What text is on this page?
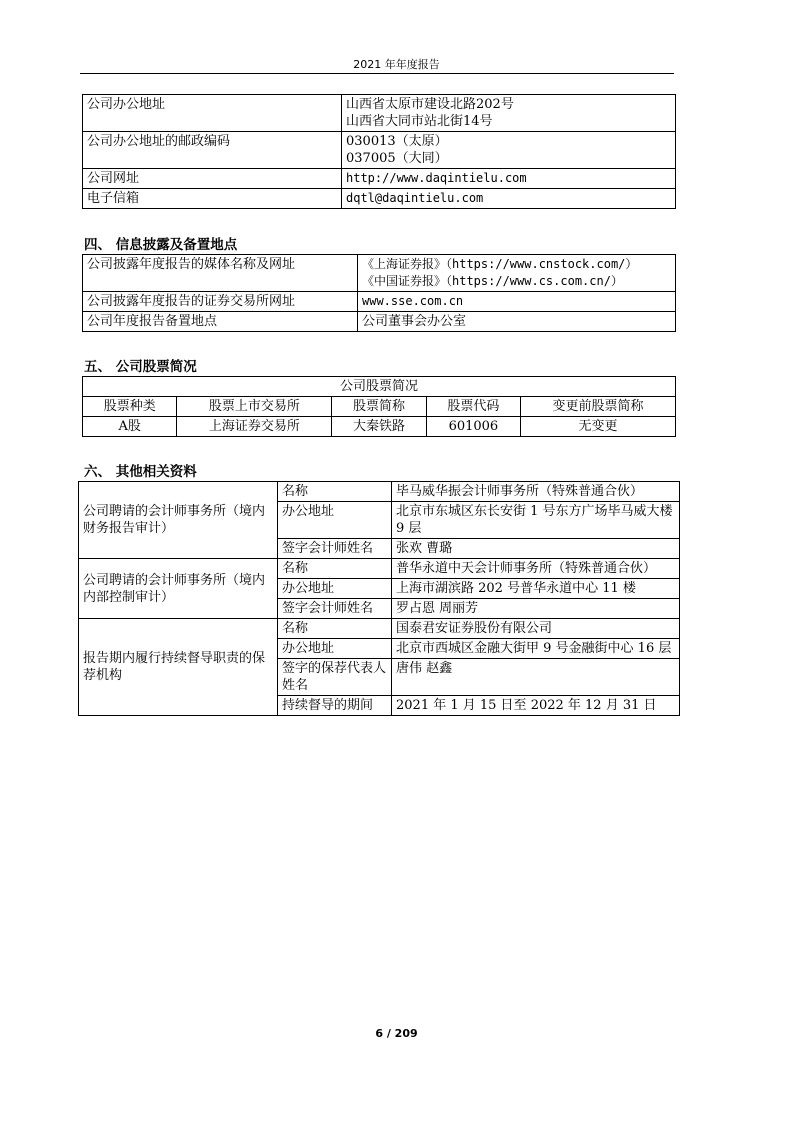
2021 年年度报告
公司办公地址	山西省太原市建设北路202号
山西省大同市站北街14号

公司办公地址的邮政编码	030013（太原）
037005（大同）

公司网址	http://www.daqintielu.com
电子信箱	dqtl@daqintielu.com
四、 信息披露及备置地点
公司披露年度报告的媒体名称及网址	《上海证券报》（https://www.cnstock.com/）
《中国证券报》（https://www.cs.com.cn/）

公司披露年度报告的证券交易所网址	www.sse.com.cn
公司年度报告备置地点	公司董事会办公室
五、 公司股票简况
公司股票简况				
股票种类	股票上市交易所	股票简称	股票代码	变更前股票简称
A股	上海证券交易所	大秦铁路	601006	无变更
六、 其他相关资料
公司聘请的会计师事务所（境内 财务报告审计）	名称	毕马威华振会计师事务所（特殊普通合伙）
	办公地址	北京市东城区东长安街 1 号东方广场毕马威大楼 9 层
	签字会计师姓名	张欢 曹璐
公司聘请的会计师事务所（境内 内部控制审计）	名称	普华永道中天会计师事务所（特殊普通合伙）
	办公地址	上海市湖滨路 202 号普华永道中心 11 楼
	签字会计师姓名	罗占恩 周丽芳
报告期内履行持续督导职责的保荐机构	名称	国泰君安证券股份有限公司
	办公地址	北京市西城区金融大街甲 9 号金融街中心 16 层
	签字的保荐代表人姓名	唐伟 赵鑫
	持续督导的期间	2021 年 1 月 15 日至 2022 年 12 月 31 日
6 / 209
